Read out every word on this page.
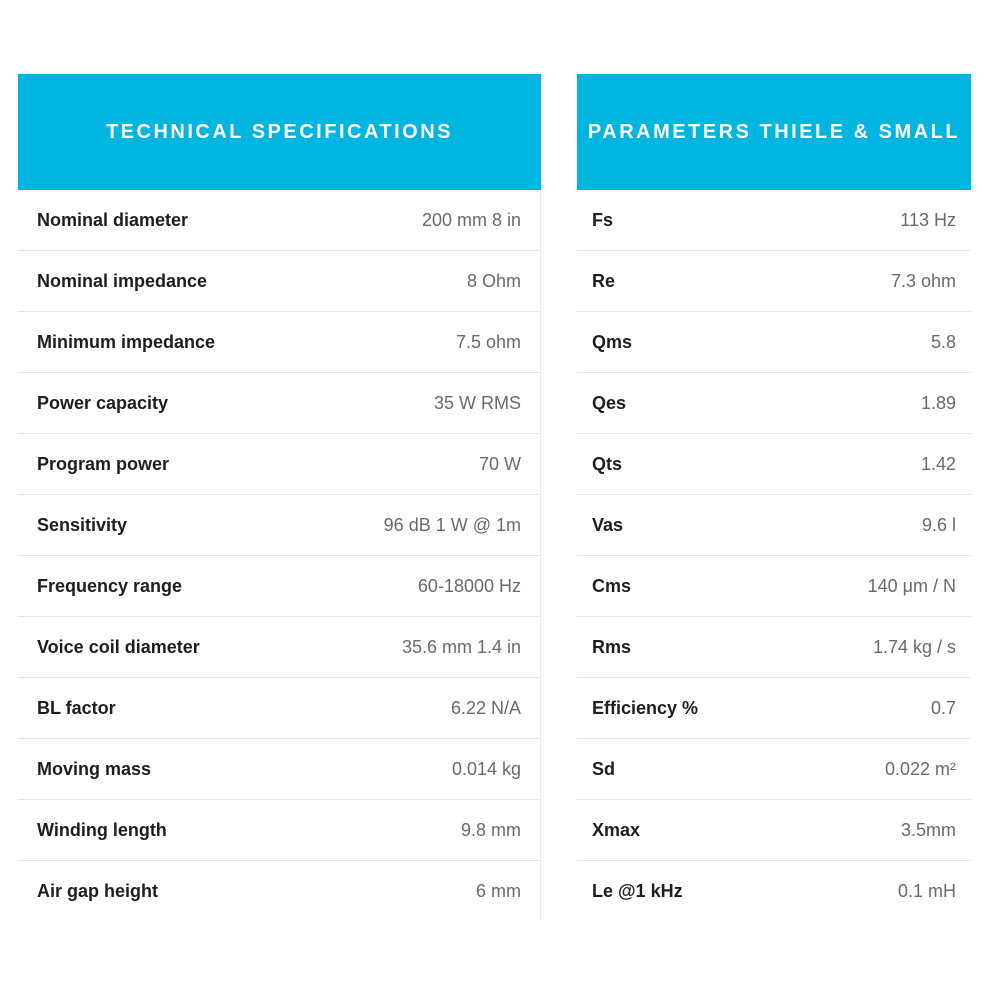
TECHNICAL SPECIFICATIONS
Nominal diameter	200 mm 8 in
Nominal impedance	8 Ohm
Minimum impedance	7.5 ohm
Power capacity	35 W RMS
Program power	70 W
Sensitivity	96 dB 1 W @ 1m
Frequency range	60-18000 Hz
Voice coil diameter	35.6 mm 1.4 in
BL factor	6.22 N/A
Moving mass	0.014 kg
Winding length	9.8 mm
Air gap height	6 mm
PARAMETERS THIELE & SMALL
Fs	113 Hz
Re	7.3 ohm
Qms	5.8
Qes	1.89
Qts	1.42
Vas	9.6 l
Cms	140 μm / N
Rms	1.74 kg / s
Efficiency %	0.7
Sd	0.022 m²
Xmax	3.5mm
Le @1 kHz	0.1 mH
